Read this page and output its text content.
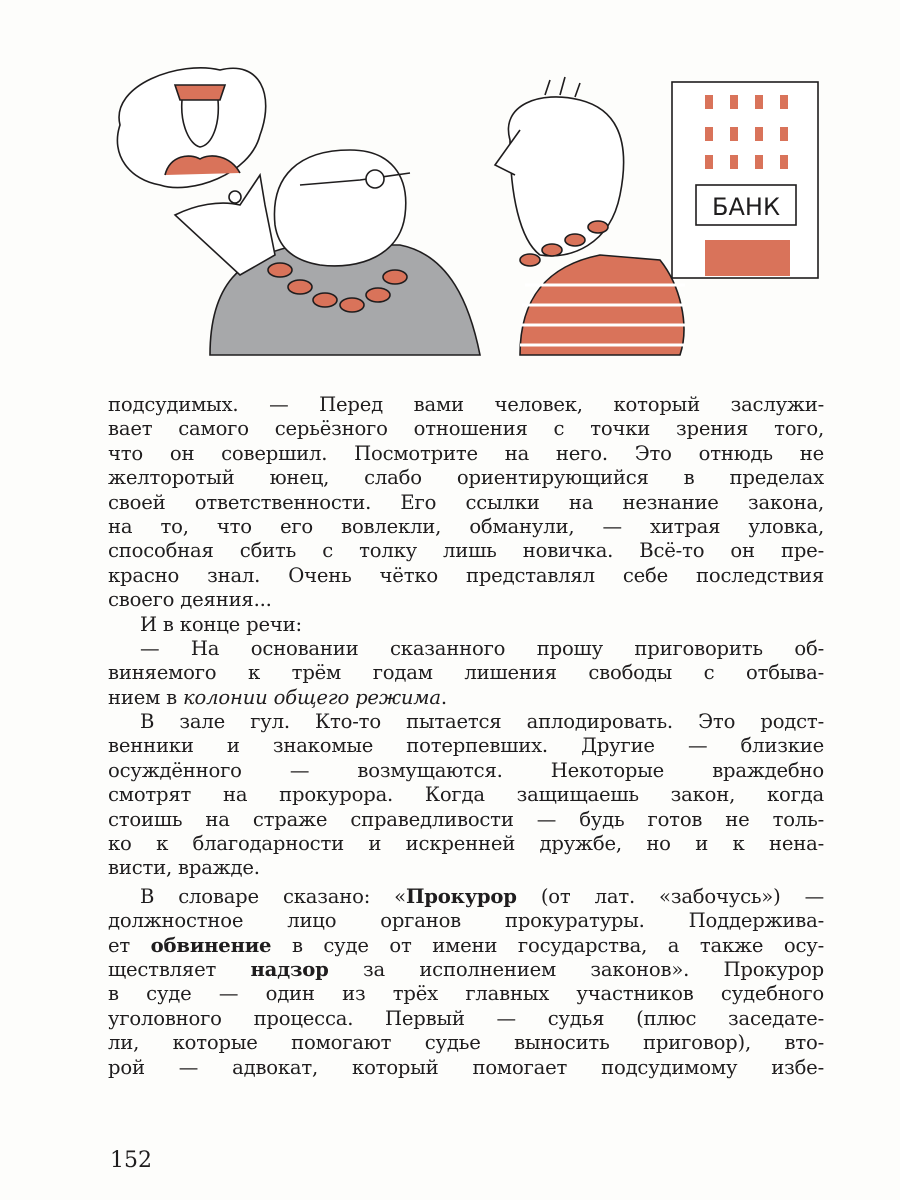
БАНК
подсудимых. — Перед вами человек, который заслужи-
вает самого серьёзного отношения с точки зрения того,
что он совершил. Посмотрите на него. Это отнюдь не
желторотый юнец, слабо ориентирующийся в пределах
своей ответственности. Его ссылки на незнание закона,
на то, что его вовлекли, обманули, — хитрая уловка,
способная сбить с толку лишь новичка. Всё-то он пре-
красно знал. Очень чётко представлял себе последствия
своего деяния...
И в конце речи:
— На основании сказанного прошу приговорить об-
виняемого к трём годам лишения свободы с отбыва-
нием в колонии общего режима.
В зале гул. Кто-то пытается аплодировать. Это родст-
венники и знакомые потерпевших. Другие — близкие
осуждённого — возмущаются. Некоторые враждебно
смотрят на прокурора. Когда защищаешь закон, когда
стоишь на страже справедливости — будь готов не толь-
ко к благодарности и искренней дружбе, но и к нена-
висти, вражде.
В словаре сказано: «Прокурор (от лат. «забочусь») —
должностное лицо органов прокуратуры. Поддержива-
ет обвинение в суде от имени государства, а также осу-
ществляет надзор за исполнением законов». Прокурор
в суде — один из трёх главных участников судебного
уголовного процесса. Первый — судья (плюс заседате-
ли, которые помогают судье выносить приговор), вто-
рой — адвокат, который помогает подсудимому избе-
152
